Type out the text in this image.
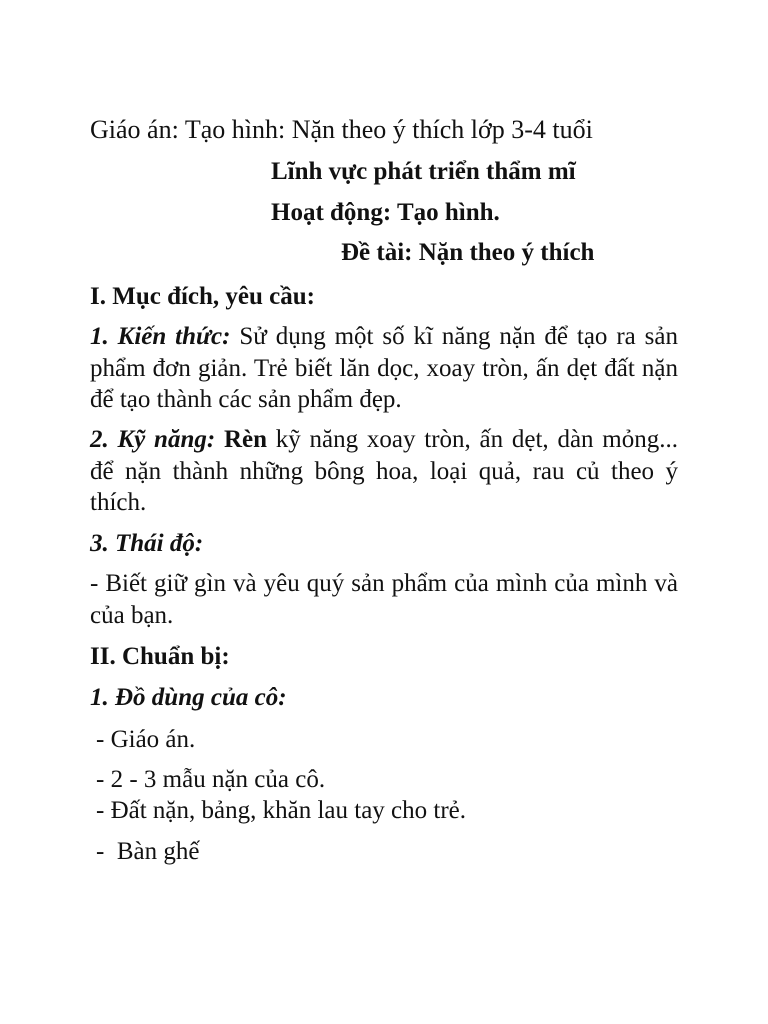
Giáo án: Tạo hình: Nặn theo ý thích lớp 3-4 tuổi

Lĩnh vực phát triển thẩm mĩ

Hoạt động: Tạo hình.

Đề tài: Nặn theo ý thích

I. Mục đích, yêu cầu:

1. Kiến thức: Sử dụng một số kĩ năng nặn để tạo ra sản phẩm đơn giản. Trẻ biết lăn dọc, xoay tròn, ấn dẹt đất nặn để tạo thành các sản phẩm đẹp.

2. Kỹ năng: Rèn kỹ năng xoay tròn, ấn dẹt, dàn mỏng... để nặn thành những bông hoa, loại quả, rau củ theo ý thích.

3. Thái độ:

- Biết giữ gìn và yêu quý sản phẩm của mình của mình và của bạn.

II. Chuẩn bị:

1. Đồ dùng của cô:

- Giáo án.

- 2 - 3 mẫu nặn của cô.

- Đất nặn, bảng, khăn lau tay cho trẻ.

-  Bàn ghế
